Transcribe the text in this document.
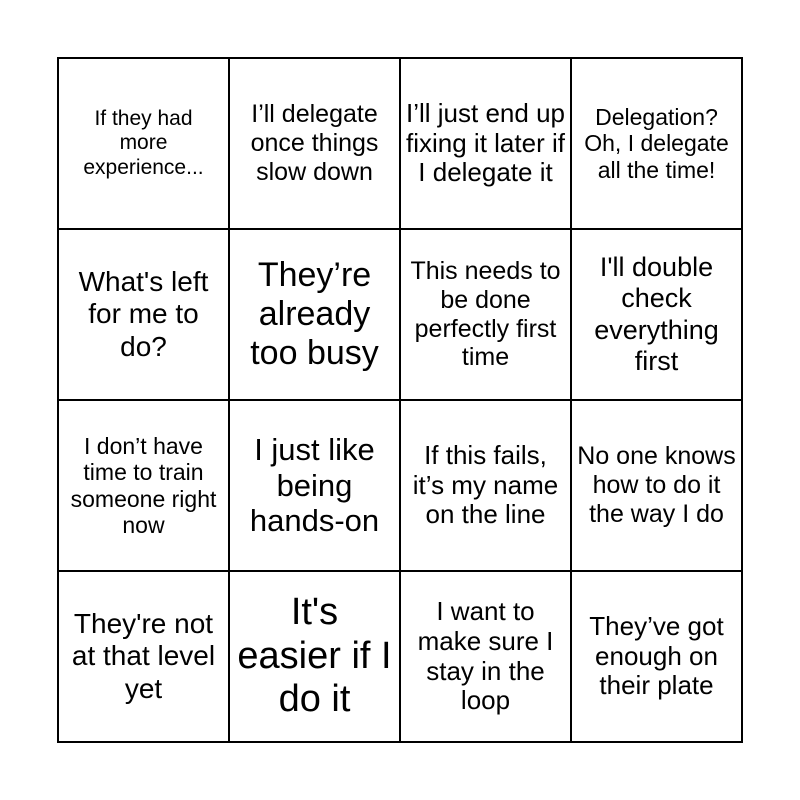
If they had more experience...
I’ll delegate once things slow down
I’ll just end up fixing it later if I delegate it
Delegation? Oh, I delegate all the time!
What's left for me to do?
They’re already too busy
This needs to be done perfectly first time
I'll double check everything first
I don’t have time to train someone right now
I just like being hands-on
If this fails, it’s my name on the line
No one knows how to do it the way I do
They're not at that level yet
It's easier if I do it
I want to make sure I stay in the loop
They’ve got enough on their plate
